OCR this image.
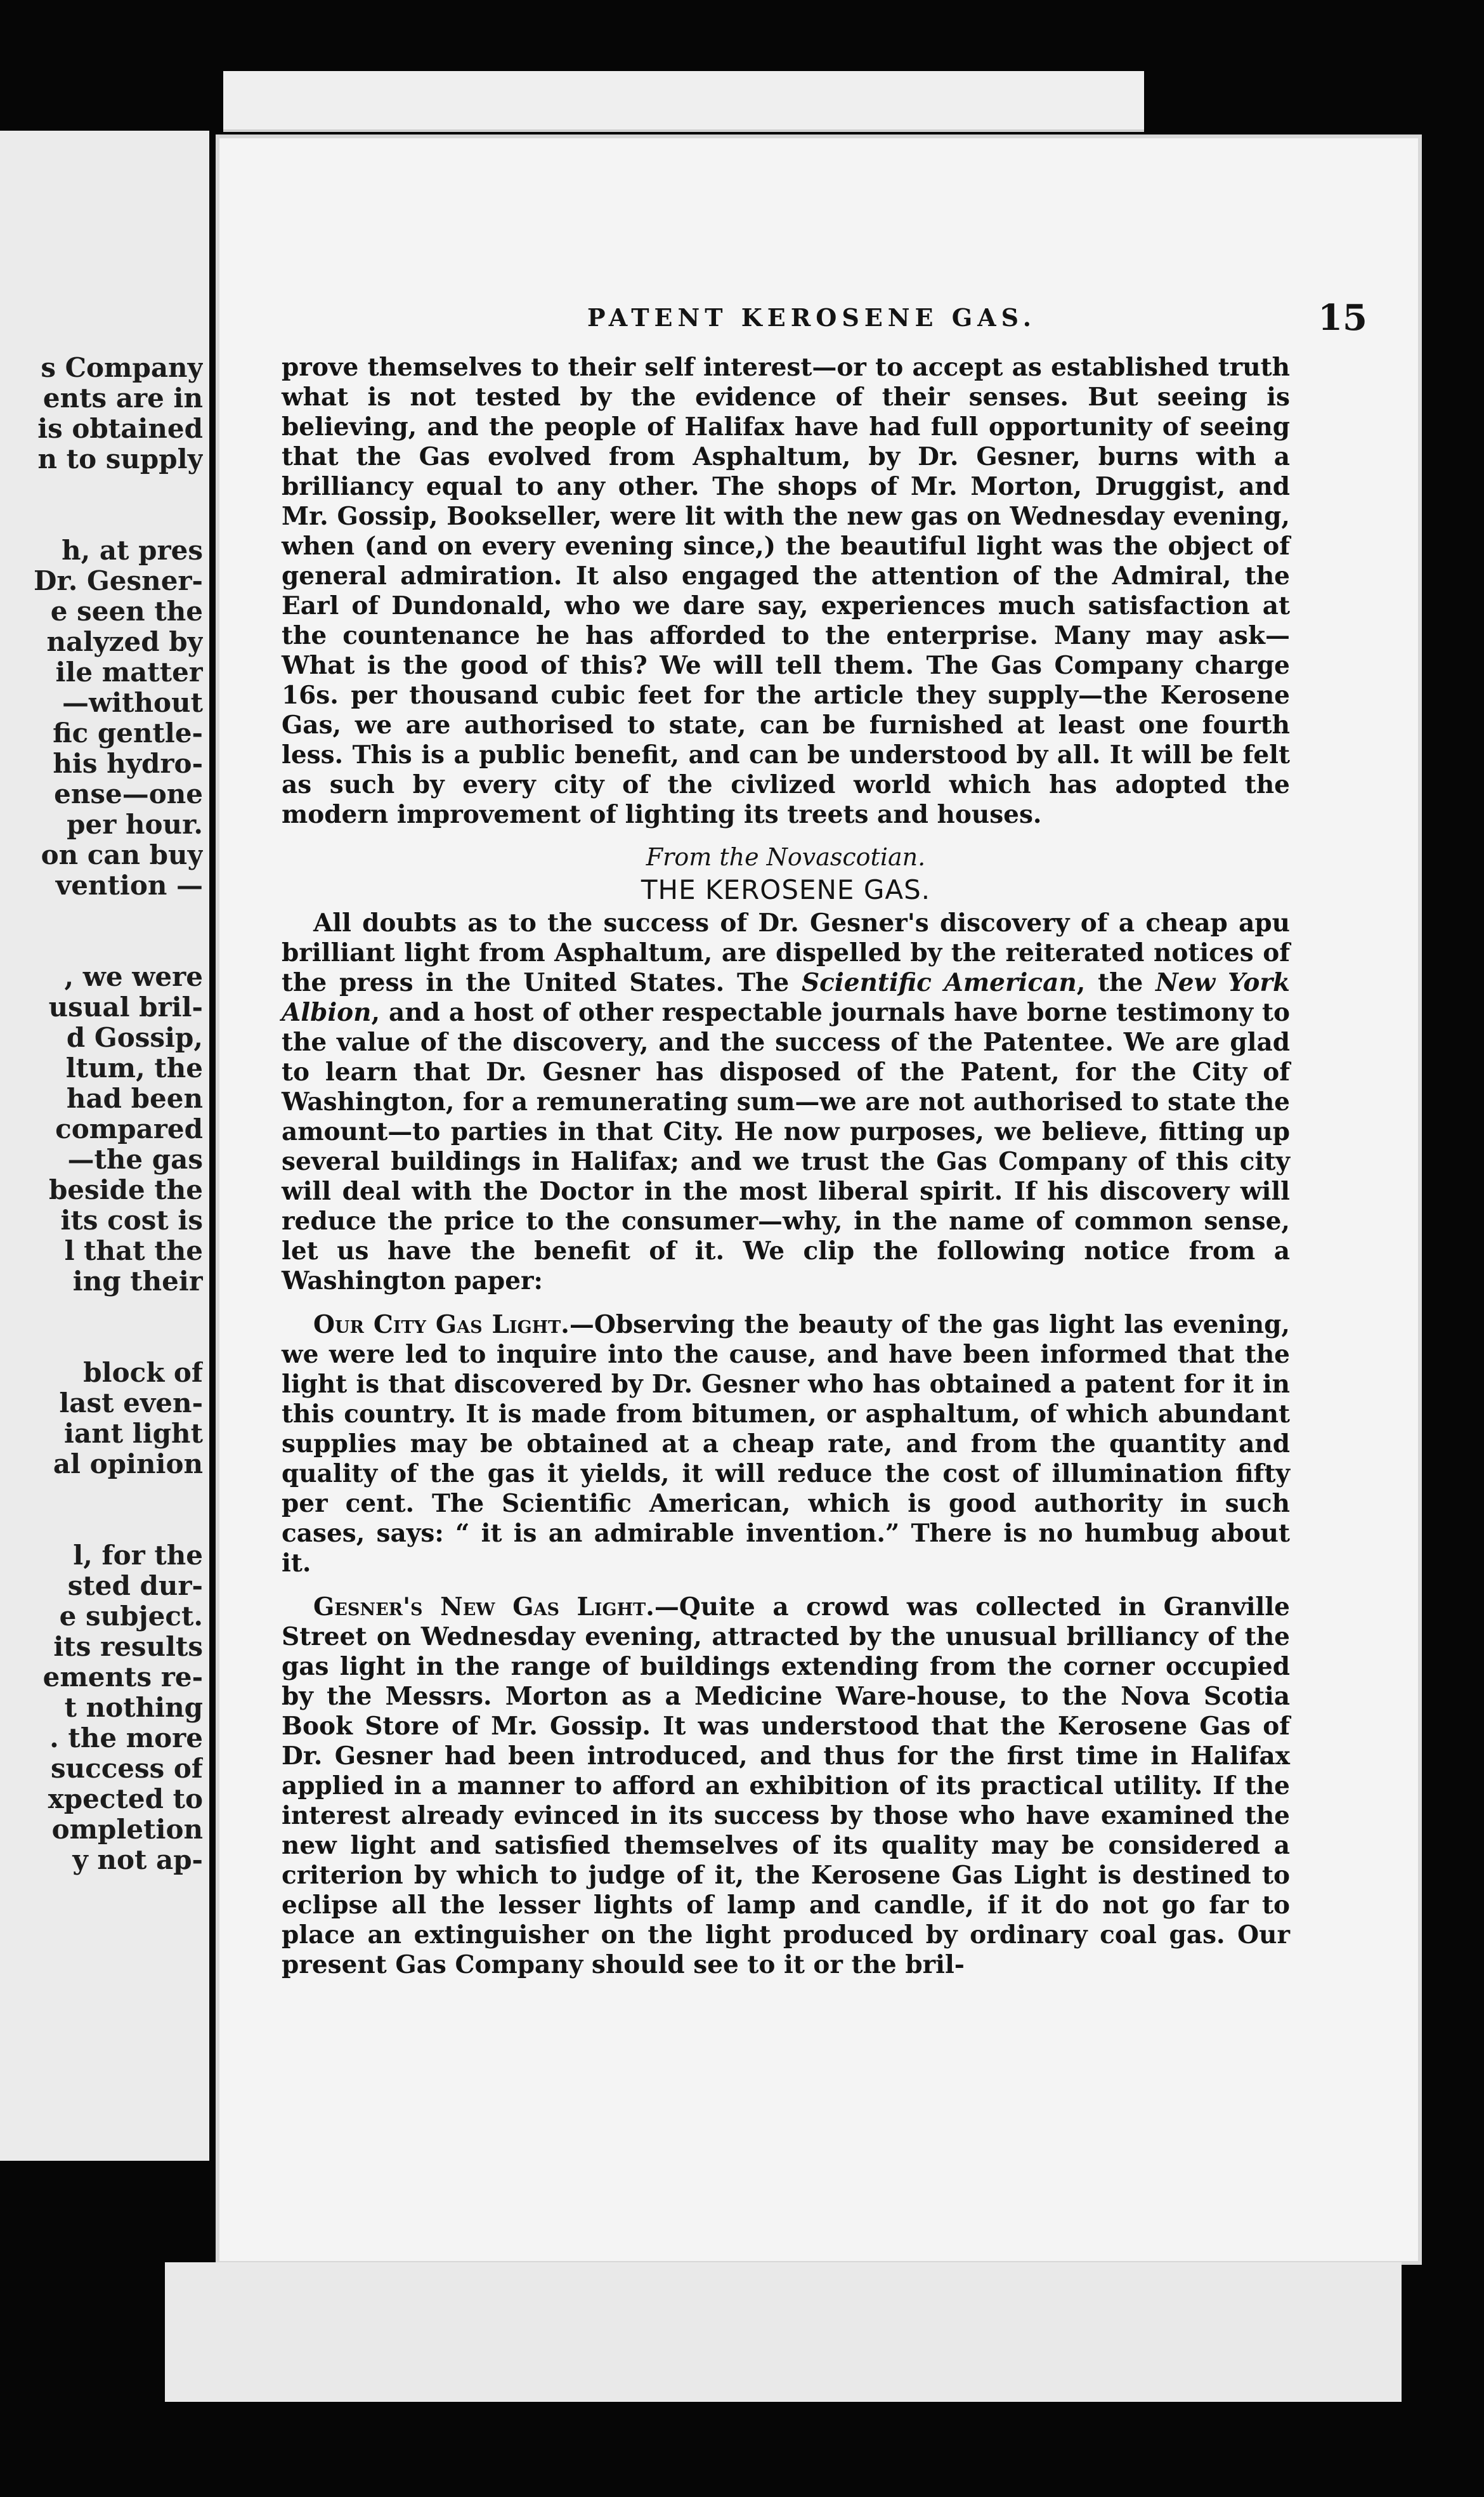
s Company
ents are in
is obtained
n to supply
h, at pres
Dr. Gesner-
e seen the
nalyzed by
ile matter
—without
fic gentle-
his hydro-
ense—one
per hour.
on can buy
vention —
, we were
usual bril-
d Gossip,
ltum, the
had been
compared
—the gas
beside the
its cost is
l that the
ing their
block of
last even-
iant light
al opinion
l, for the
sted dur-
e subject.
its results
ements re-
t nothing
. the more
success of
xpected to
ompletion
y not ap-
PATENT KEROSENE GAS.	15

prove themselves to their self interest—or to accept as established truth what is not tested by the evidence of their senses. But seeing is believing, and the people of Halifax have had full opportunity of seeing that the Gas evolved from Asphaltum, by Dr. Gesner, burns with a brilliancy equal to any other. The shops of Mr. Morton, Druggist, and Mr. Gossip, Bookseller, were lit with the new gas on Wednesday evening, when (and on every evening since,) the beautiful light was the object of general admiration. It also engaged the attention of the Admiral, the Earl of Dundonald, who we dare say, experiences much satisfaction at the countenance he has afforded to the enterprise. Many may ask—What is the good of this? We will tell them. The Gas Company charge 16s. per thousand cubic feet for the article they supply—the Kerosene Gas, we are authorised to state, can be furnished at least one fourth less. This is a public benefit, and can be understood by all. It will be felt as such by every city of the civlized world which has adopted the modern improvement of lighting its treets and houses.

From the Novascotian.

THE KEROSENE GAS.

All doubts as to the success of Dr. Gesner's discovery of a cheap apu brilliant light from Asphaltum, are dispelled by the reiterated notices of the press in the United States. The Scientific American, the New York Albion, and a host of other respectable journals have borne testimony to the value of the discovery, and the success of the Patentee. We are glad to learn that Dr. Gesner has disposed of the Patent, for the City of Washington, for a remunerating sum—we are not authorised to state the amount—to parties in that City. He now purposes, we believe, fitting up several buildings in Halifax; and we trust the Gas Company of this city will deal with the Doctor in the most liberal spirit. If his discovery will reduce the price to the consumer—why, in the name of common sense, let us have the benefit of it. We clip the following notice from a Washington paper:

Our City Gas Light.—Observing the beauty of the gas light las evening, we were led to inquire into the cause, and have been informed that the light is that discovered by Dr. Gesner who has obtained a patent for it in this country. It is made from bitumen, or asphaltum, of which abundant supplies may be obtained at a cheap rate, and from the quantity and quality of the gas it yields, it will reduce the cost of illumination fifty per cent. The Scientific American, which is good authority in such cases, says: “ it is an admirable invention.” There is no humbug about it.

Gesner's New Gas Light.—Quite a crowd was collected in Granville Street on Wednesday evening, attracted by the unusual brilliancy of the gas light in the range of buildings extending from the corner occupied by the Messrs. Morton as a Medicine Ware-house, to the Nova Scotia Book Store of Mr. Gossip. It was understood that the Kerosene Gas of Dr. Gesner had been introduced, and thus for the first time in Halifax applied in a manner to afford an exhibition of its practical utility. If the interest already evinced in its success by those who have examined the new light and satisfied themselves of its quality may be considered a criterion by which to judge of it, the Kerosene Gas Light is destined to eclipse all the lesser lights of lamp and candle, if it do not go far to place an extinguisher on the light produced by ordinary coal gas. Our present Gas Company should see to it or the bril-
